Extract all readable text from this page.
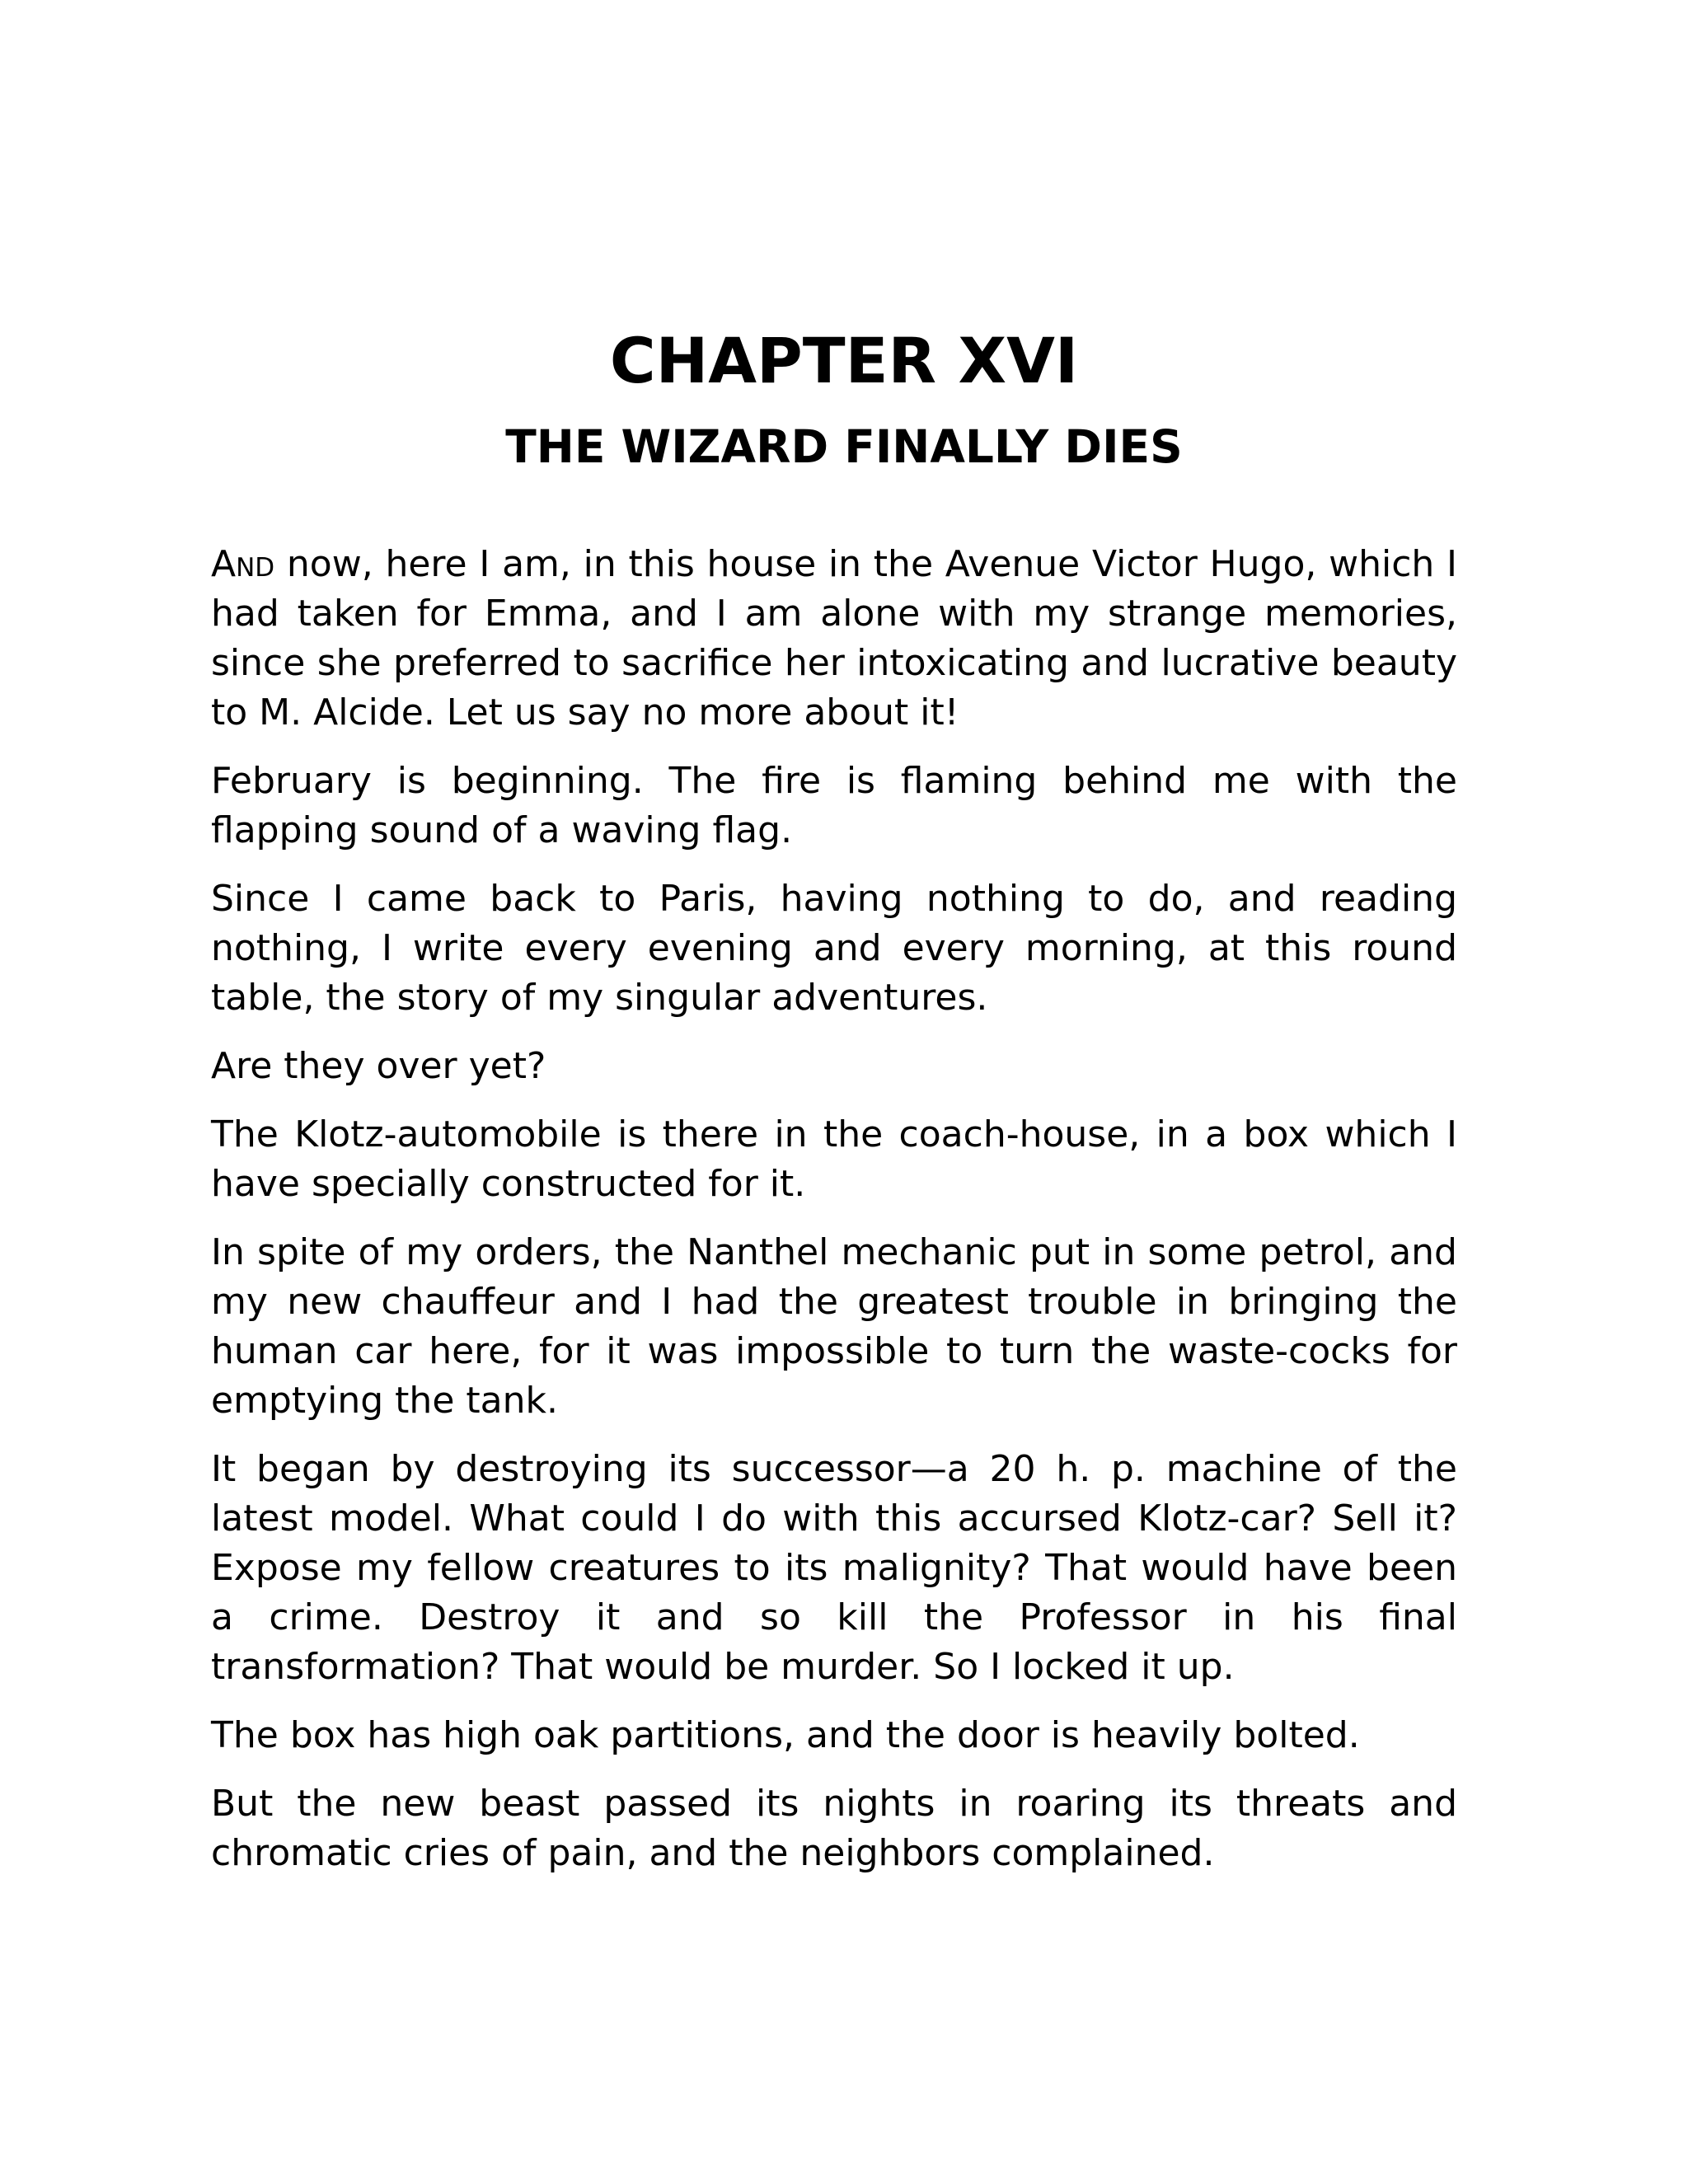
CHAPTER XVI
THE WIZARD FINALLY DIES

And now, here I am, in this house in the Avenue Victor Hugo, which I had taken for Emma, and I am alone with my strange memories, since she preferred to sacrifice her intoxicating and lucrative beauty to M. Alcide. Let us say no more about it!

February is beginning. The fire is flaming behind me with the flapping sound of a waving flag.

Since I came back to Paris, having nothing to do, and reading nothing, I write every evening and every morning, at this round table, the story of my singular adventures.

Are they over yet?

The Klotz-automobile is there in the coach-house, in a box which I have specially constructed for it.

In spite of my orders, the Nanthel mechanic put in some petrol, and my new chauffeur and I had the greatest trouble in bringing the human car here, for it was impossible to turn the waste-cocks for emptying the tank.

It began by destroying its successor—a 20 h. p. machine of the latest model. What could I do with this accursed Klotz-car? Sell it? Expose my fellow creatures to its malignity? That would have been a crime. Destroy it and so kill the Professor in his final transformation? That would be murder. So I locked it up.

The box has high oak partitions, and the door is heavily bolted.

But the new beast passed its nights in roaring its threats and chromatic cries of pain, and the neighbors complained.
